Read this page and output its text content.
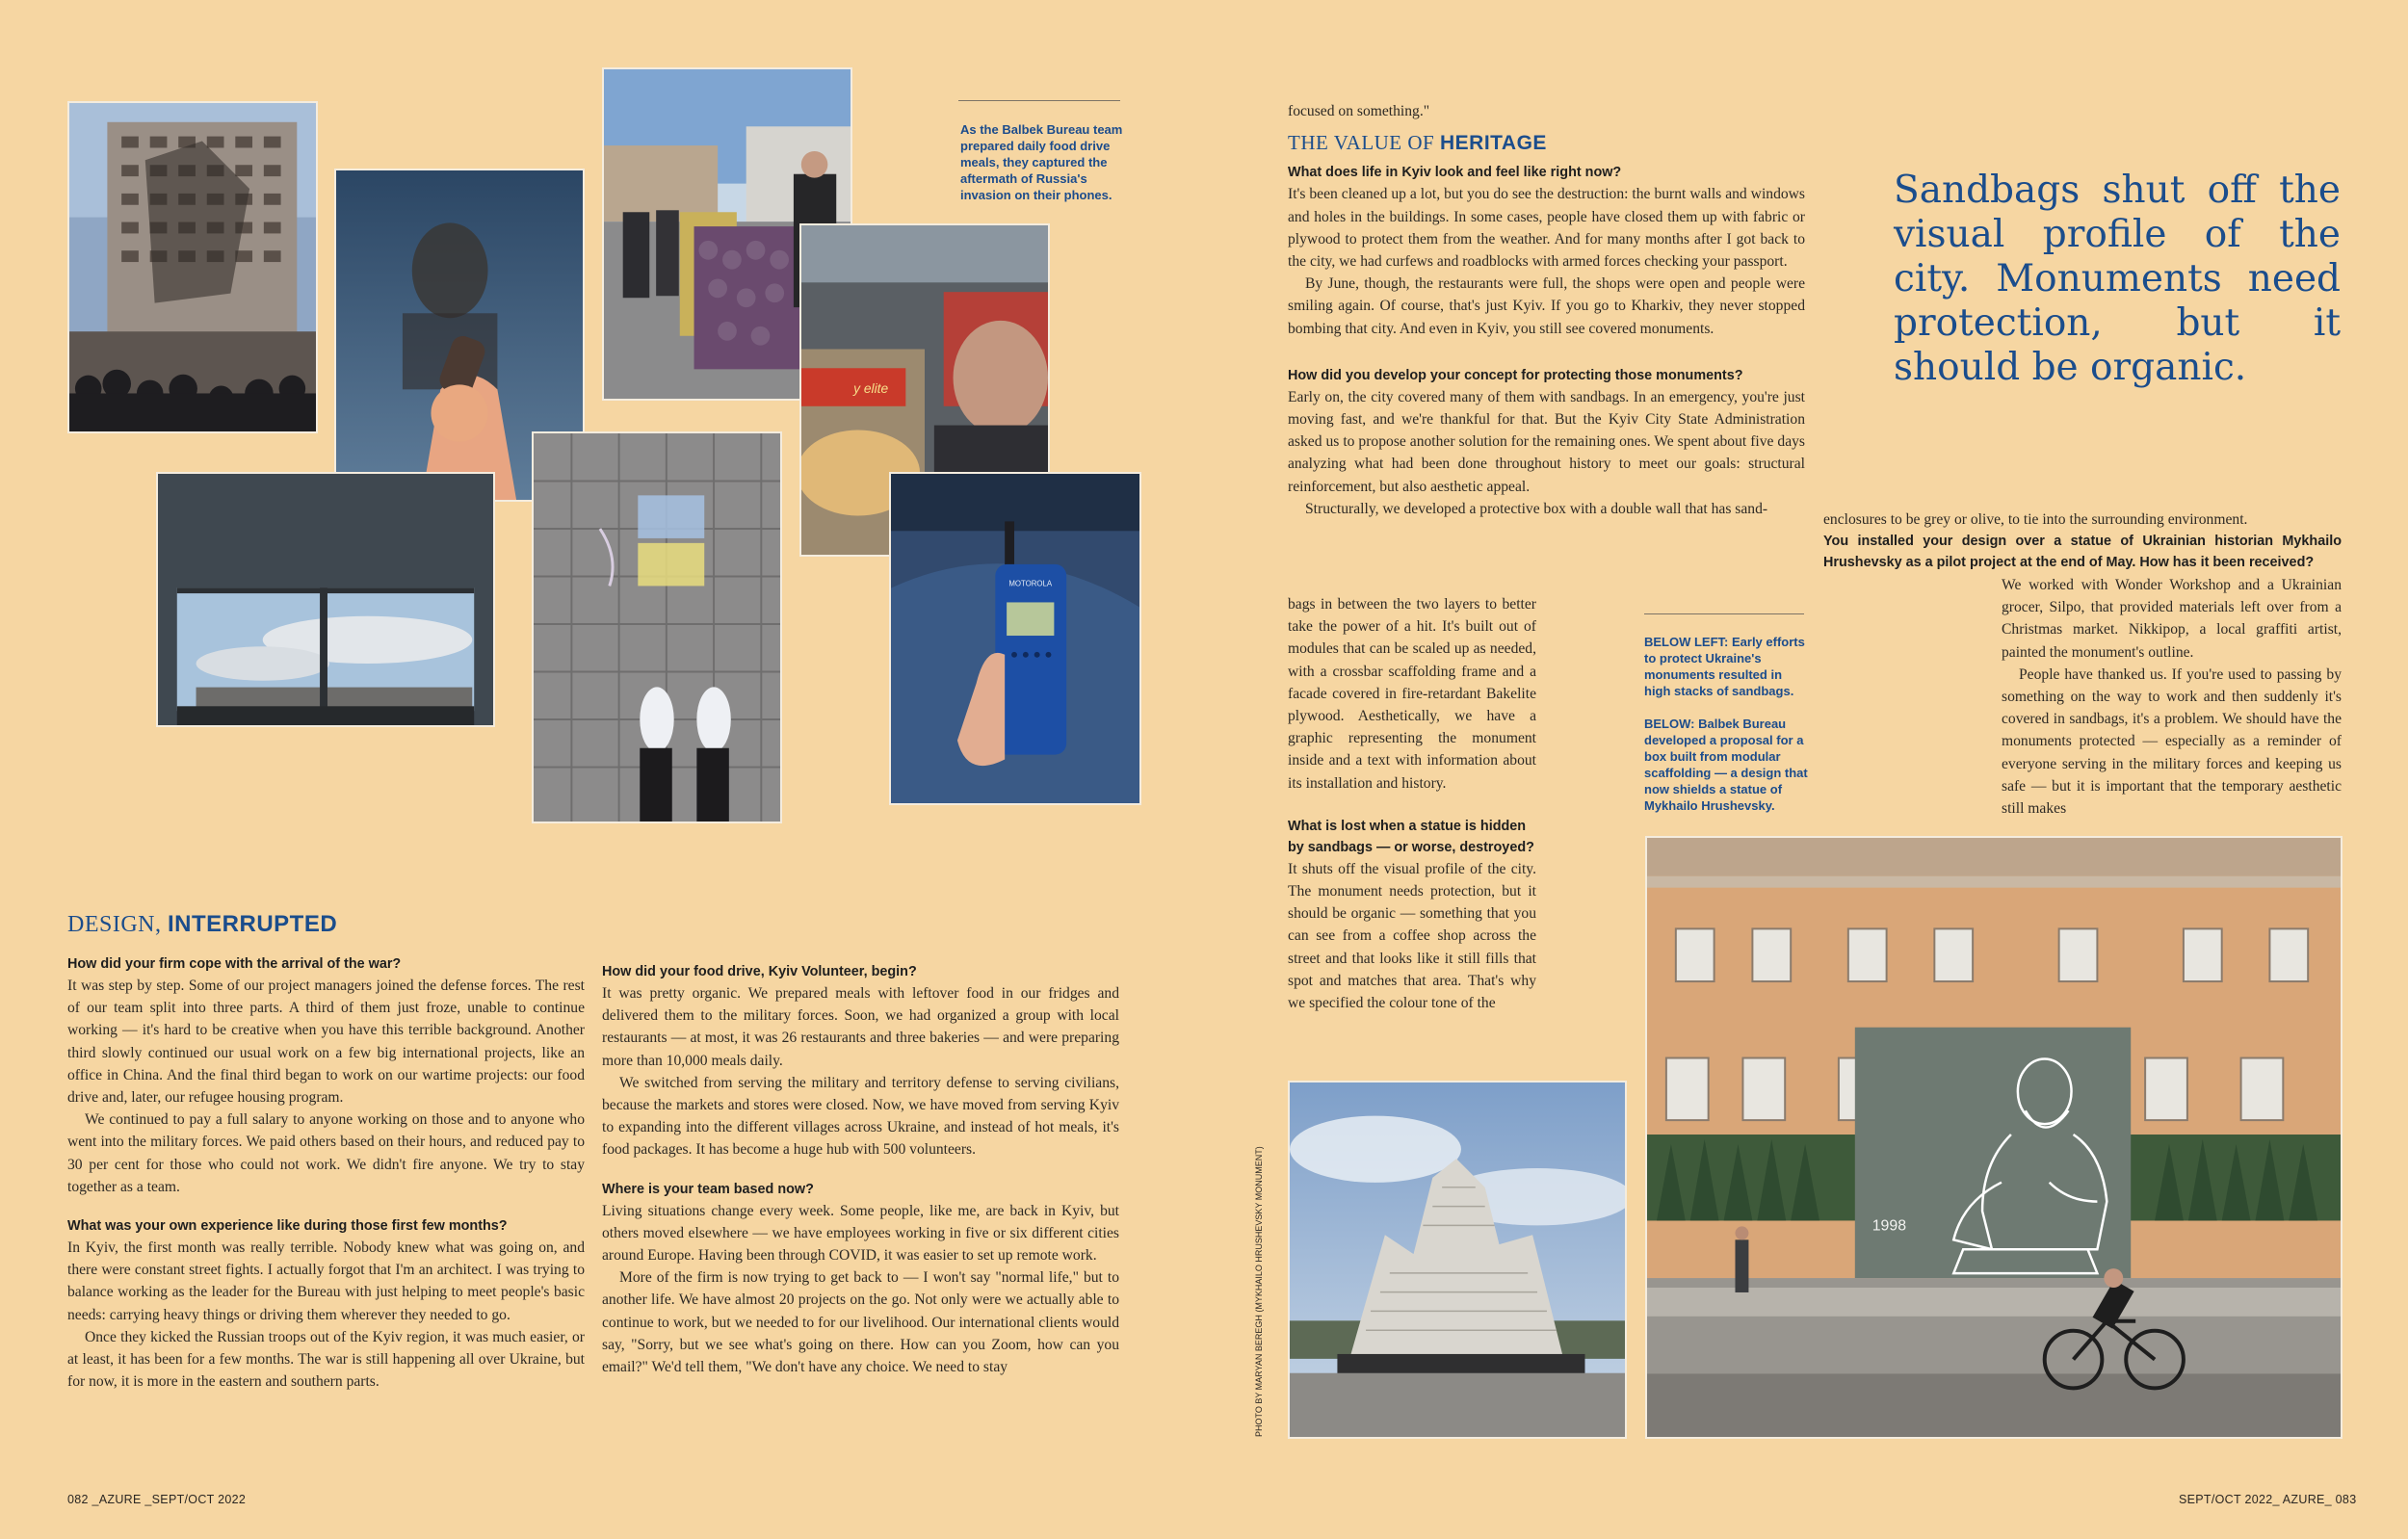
y elite
MOTOROLA
As the Balbek Bureau team prepared daily food drive meals, they captured the aftermath of Russia's invasion on their phones.
DESIGN, INTERRUPTED
How did your firm cope with the arrival of the war?

It was step by step. Some of our project managers joined the defense forces. The rest of our team split into three parts. A third of them just froze, unable to continue working — it's hard to be creative when you have this terrible background. Another third slowly continued our usual work on a few big international projects, like an office in China. And the final third began to work on our wartime projects: our food drive and, later, our refugee housing program.

We continued to pay a full salary to anyone working on those and to anyone who went into the military forces. We paid others based on their hours, and reduced pay to 30 per cent for those who could not work. We didn't fire anyone. We try to stay together as a team.

What was your own experience like during those first few months?

In Kyiv, the first month was really terrible. Nobody knew what was going on, and there were constant street fights. I actually forgot that I'm an architect. I was trying to balance working as the leader for the Bureau with just helping to meet people's basic needs: carrying heavy things or driving them wherever they needed to go.

Once they kicked the Russian troops out of the Kyiv region, it was much easier, or at least, it has been for a few months. The war is still happening all over Ukraine, but for now, it is more in the eastern and southern parts.

How did your food drive, Kyiv Volunteer, begin?

It was pretty organic. We prepared meals with leftover food in our fridges and delivered them to the military forces. Soon, we had organized a group with local restaurants — at most, it was 26 restaurants and three bakeries — and were preparing more than 10,000 meals daily.

We switched from serving the military and territory defense to serving civilians, because the markets and stores were closed. Now, we have moved from serving Kyiv to expanding into the different villages across Ukraine, and instead of hot meals, it's food packages. It has become a huge hub with 500 volunteers.

Where is your team based now?

Living situations change every week. Some people, like me, are back in Kyiv, but others moved elsewhere — we have employees working in five or six different cities around Europe. Having been through COVID, it was easier to set up remote work.

More of the firm is now trying to get back to — I won't say "normal life," but to another life. We have almost 20 projects on the go. Not only were we actually able to continue to work, but we needed to for our livelihood. Our international clients would say, "Sorry, but we see what's going on there. How can you Zoom, how can you email?" We'd tell them, "We don't have any choice. We need to stay

082 _AZURE _SEPT/OCT 2022

focused on something."

THE VALUE OF HERITAGE
What does life in Kyiv look and feel like right now?

It's been cleaned up a lot, but you do see the destruction: the burnt walls and windows and holes in the buildings. In some cases, people have closed them up with fabric or plywood to protect them from the weather. And for many months after I got back to the city, we had curfews and roadblocks with armed forces checking your passport.

By June, though, the restaurants were full, the shops were open and people were smiling again. Of course, that's just Kyiv. If you go to Kharkiv, they never stopped bombing that city. And even in Kyiv, you still see covered monuments.

How did you develop your concept for protecting those monuments?

Early on, the city covered many of them with sandbags. In an emergency, you're just moving fast, and we're thankful for that. But the Kyiv City State Administration asked us to propose another solution for the remaining ones. We spent about five days analyzing what had been done throughout history to meet our goals: structural reinforcement, but also aesthetic appeal.

Structurally, we developed a protective box with a double wall that has sand-

bags in between the two layers to better take the power of a hit. It's built out of modules that can be scaled up as needed, with a crossbar scaffolding frame and a facade covered in fire-retardant Bakelite plywood. Aesthetically, we have a graphic representing the monument inside and a text with information about its installation and history.

What is lost when a statue is hidden by sandbags — or worse, destroyed?

It shuts off the visual profile of the city. The monument needs protection, but it should be organic — something that you can see from a coffee shop across the street and that looks like it still fills that spot and matches that area. That's why we specified the colour tone of the

BELOW LEFT: Early efforts to protect Ukraine's monuments resulted in high stacks of sandbags.
BELOW: Balbek Bureau developed a proposal for a box built from modular scaffolding — a design that now shields a statue of Mykhailo Hrushevsky.
Sandbags shut off the visual profile of the city. Monuments need protection, but it should be organic.

enclosures to be grey or olive, to tie into the surrounding environment.

You installed your design over a statue of Ukrainian historian Mykhailo Hrushevsky as a pilot project at the end of May. How has it been received?

We worked with Wonder Workshop and a Ukrainian grocer, Silpo, that provided materials left over from a Christmas market. Nikkipop, a local graffiti artist, painted the monument's outline.

People have thanked us. If you're used to passing by something on the way to work and then suddenly it's covered in sandbags, it's a problem. We should have the monuments protected — especially as a reminder of everyone serving in the military forces and keeping us safe — but it is important that the temporary aesthetic still makes

1998
PHOTO BY MARYAN BEREGH (MYKHAILO HRUSHEVSKY MONUMENT)
SEPT/OCT 2022_ AZURE_ 083
